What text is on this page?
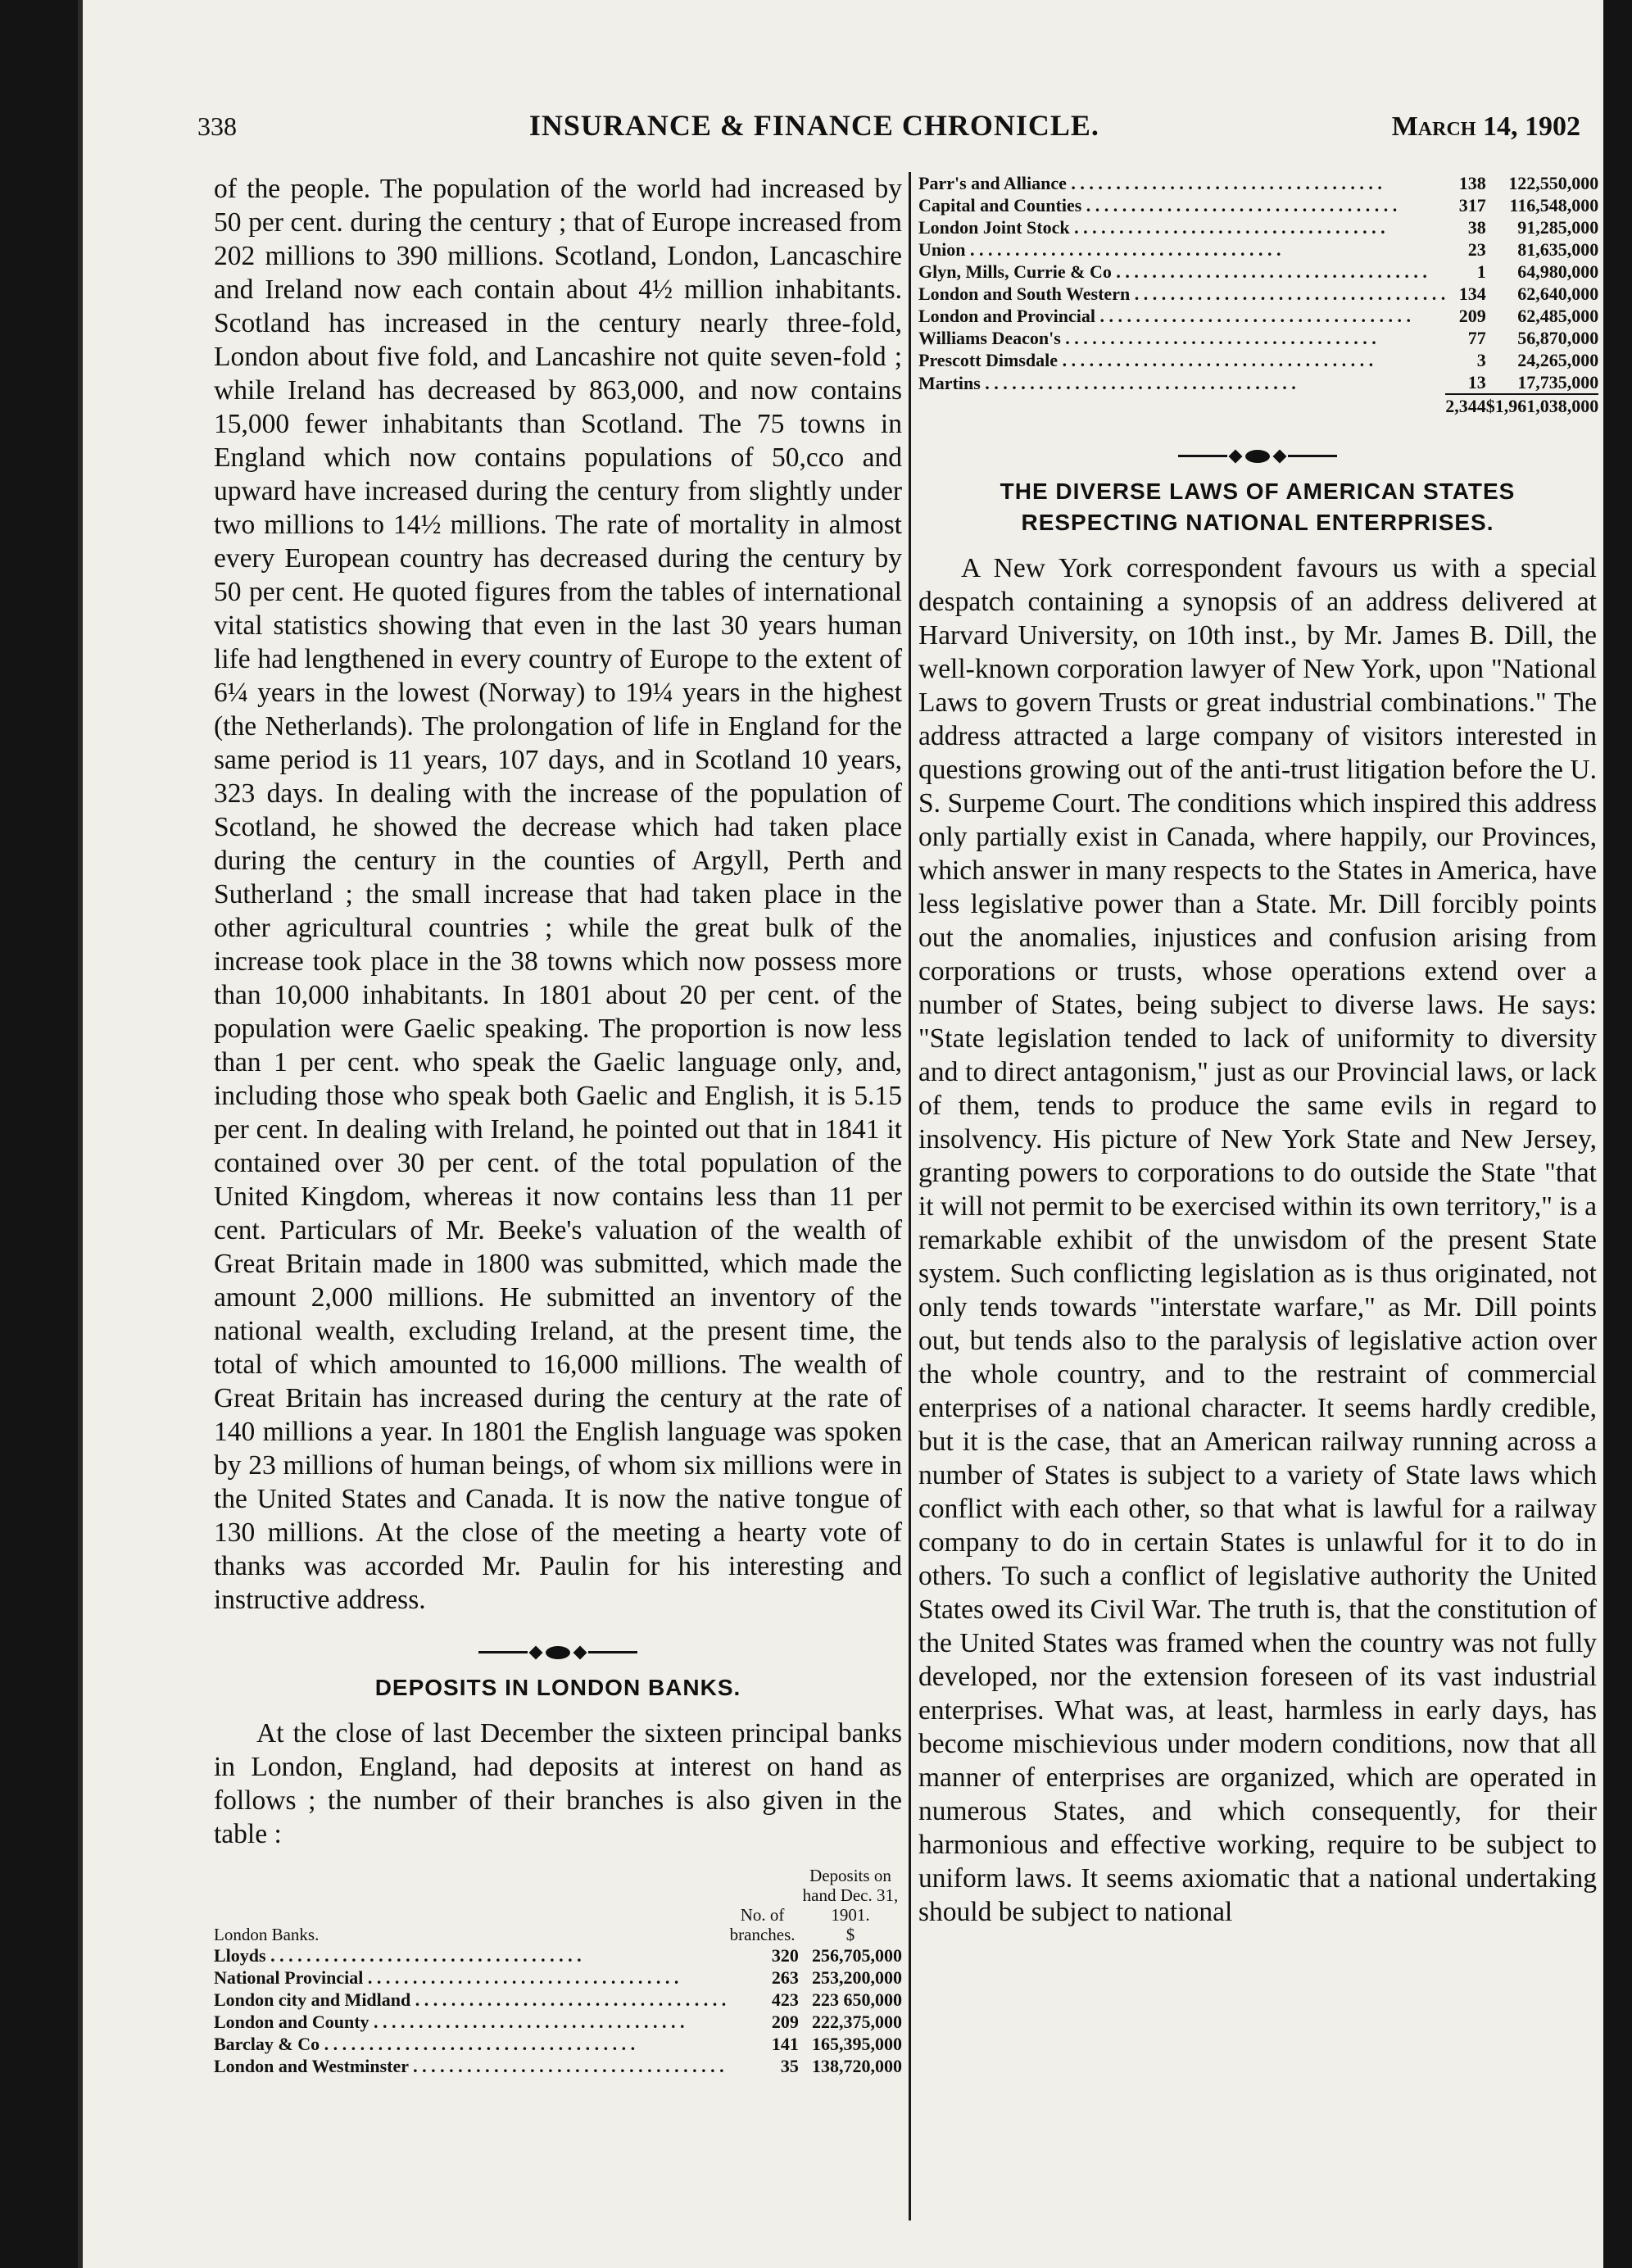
338	INSURANCE & FINANCE CHRONICLE.	March 14, 1902

of the people. The population of the world had increased by 50 per cent. during the century ; that of Europe increased from 202 millions to 390 millions. Scotland, London, Lancaschire and Ireland now each contain about 4½ million inhabitants. Scotland has increased in the century nearly three-fold, London about five fold, and Lancashire not quite seven-fold ; while Ireland has decreased by 863,000, and now contains 15,000 fewer inhabitants than Scotland. The 75 towns in England which now contains populations of 50,cco and upward have increased during the century from slightly under two millions to 14½ millions. The rate of mortality in almost every European country has decreased during the century by 50 per cent. He quoted figures from the tables of international vital statistics showing that even in the last 30 years human life had lengthened in every country of Europe to the extent of 6¼ years in the lowest (Norway) to 19¼ years in the highest (the Netherlands). The prolongation of life in England for the same period is 11 years, 107 days, and in Scotland 10 years, 323 days. In dealing with the increase of the population of Scotland, he showed the decrease which had taken place during the century in the counties of Argyll, Perth and Sutherland ; the small increase that had taken place in the other agricultural countries ; while the great bulk of the increase took place in the 38 towns which now possess more than 10,000 inhabitants. In 1801 about 20 per cent. of the population were Gaelic speaking. The proportion is now less than 1 per cent. who speak the Gaelic language only, and, including those who speak both Gaelic and English, it is 5.15 per cent. In dealing with Ireland, he pointed out that in 1841 it contained over 30 per cent. of the total population of the United Kingdom, whereas it now contains less than 11 per cent. Particulars of Mr. Beeke's valuation of the wealth of Great Britain made in 1800 was submitted, which made the amount 2,000 millions. He submitted an inventory of the national wealth, excluding Ireland, at the present time, the total of which amounted to 16,000 millions. The wealth of Great Britain has increased during the century at the rate of 140 millions a year. In 1801 the English language was spoken by 23 millions of human beings, of whom six millions were in the United States and Canada. It is now the native tongue of 130 millions. At the close of the meeting a hearty vote of thanks was accorded Mr. Paulin for his interesting and instructive address.

DEPOSITS IN LONDON BANKS.

At the close of last December the sixteen principal banks in London, England, had deposits at interest on hand as follows ; the number of their branches is also given in the table :

London Banks.	No. of branches.	Deposits on hand Dec. 31, 1901.
$
Lloyds . . .	320	256,705,000
National Provincial . . .	263	253,200,000
London city and Midland . . .	423	223 650,000
London and County . . .	209	222,375,000
Barclay & Co . . .	141	165,395,000
London and Westminster . . .	35	138,720,000
Parr's and Alliance . . .	138	122,550,000
Capital and Counties . . .	317	116,548,000
London Joint Stock . . .	38	91,285,000
Union . . .	23	81,635,000
Glyn, Mills, Currie & Co . . .	1	64,980,000
London and South Western . . .	134	62,640,000
London and Provincial . . .	209	62,485,000
Williams Deacon's . . .	77	56,870,000
Prescott Dimsdale . . .	3	24,265,000
Martins . . .	13	17,735,000
	2,344	$1,961,038,000
THE DIVERSE LAWS OF AMERICAN STATES
RESPECTING NATIONAL ENTERPRISES.

A New York correspondent favours us with a special despatch containing a synopsis of an address delivered at Harvard University, on 10th inst., by Mr. James B. Dill, the well-known corporation lawyer of New York, upon "National Laws to govern Trusts or great industrial combinations." The address attracted a large company of visitors interested in questions growing out of the anti-trust litigation before the U. S. Surpeme Court. The conditions which inspired this address only partially exist in Canada, where happily, our Provinces, which answer in many respects to the States in America, have less legislative power than a State. Mr. Dill forcibly points out the anomalies, injustices and confusion arising from corporations or trusts, whose operations extend over a number of States, being subject to diverse laws. He says: "State legislation tended to lack of uniformity to diversity and to direct antagonism," just as our Provincial laws, or lack of them, tends to produce the same evils in regard to insolvency. His picture of New York State and New Jersey, granting powers to corporations to do outside the State "that it will not permit to be exercised within its own territory," is a remarkable exhibit of the unwisdom of the present State system. Such conflicting legislation as is thus originated, not only tends towards "interstate warfare," as Mr. Dill points out, but tends also to the paralysis of legislative action over the whole country, and to the restraint of commercial enterprises of a national character. It seems hardly credible, but it is the case, that an American railway running across a number of States is subject to a variety of State laws which conflict with each other, so that what is lawful for a railway company to do in certain States is unlawful for it to do in others. To such a conflict of legislative authority the United States owed its Civil War. The truth is, that the constitution of the United States was framed when the country was not fully developed, nor the extension foreseen of its vast industrial enterprises. What was, at least, harmless in early days, has become mischievious under modern conditions, now that all manner of enterprises are organized, which are operated in numerous States, and which consequently, for their harmonious and effective working, require to be subject to uniform laws. It seems axiomatic that a national undertaking should be subject to national
